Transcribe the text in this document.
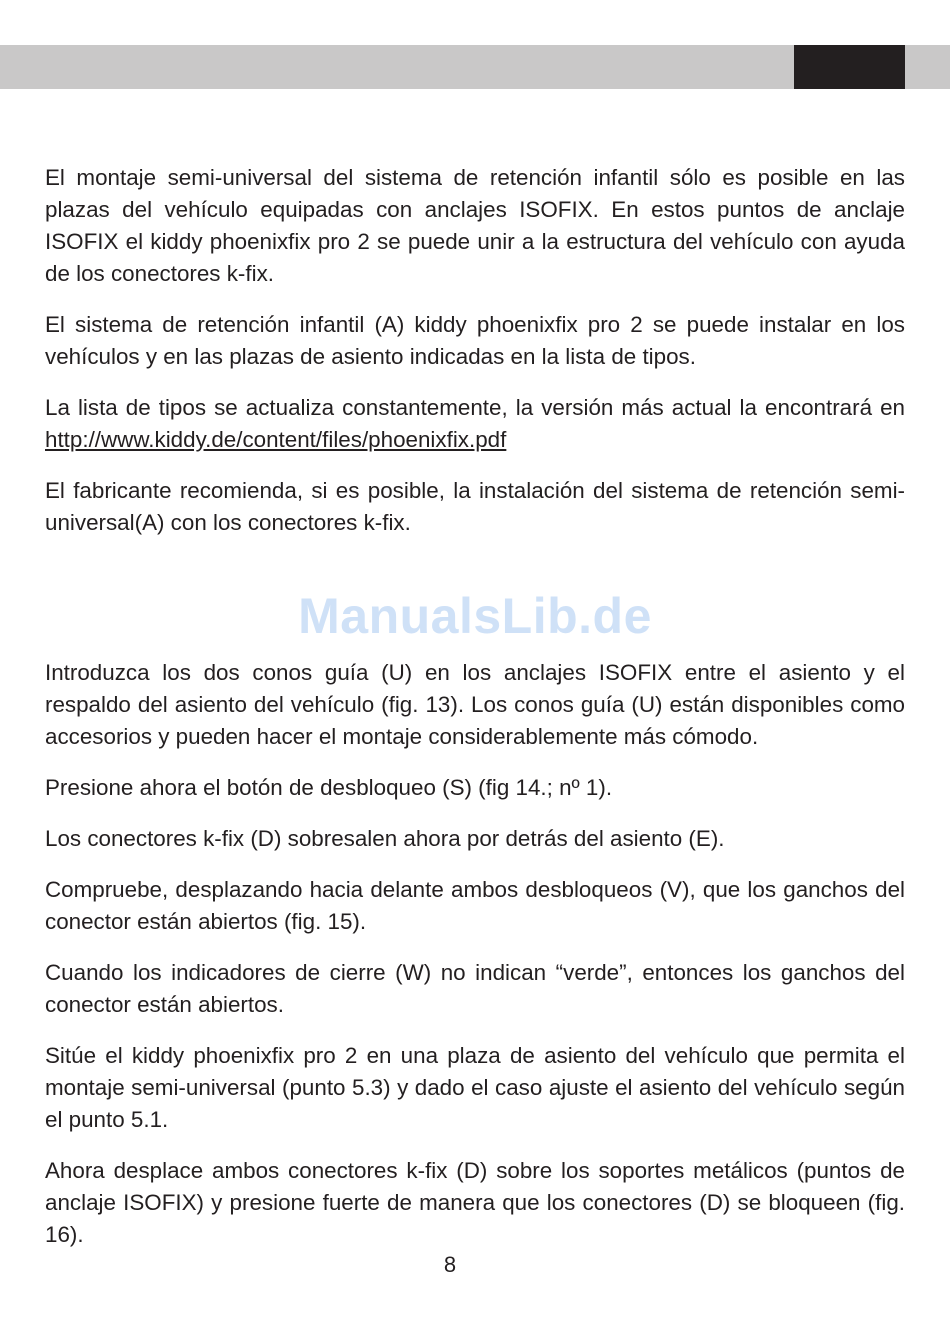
El montaje semi-universal del sistema de retención infantil sólo es posible en las plazas del vehículo equipadas con anclajes ISOFIX. En estos puntos de anclaje ISOFIX el kiddy phoenixfix pro 2 se puede unir a la estructura del vehículo con ayuda de los conectores k-fix.

El sistema de retención infantil (A) kiddy phoenixfix pro 2 se puede instalar en los vehículos y en las plazas de asiento indicadas en la lista de tipos.

La lista de tipos se actualiza constantemente, la versión más actual la encontrará en http://www.kiddy.de/content/files/phoenixfix.pdf

El fabricante recomienda, si es posible, la instalación del sistema de retención semi-universal(A) con los conectores k-fix.

ManualsLib.de

Introduzca los dos conos guía (U) en los anclajes ISOFIX entre el asiento y el respaldo del asiento del vehículo (fig. 13). Los conos guía (U) están disponibles como accesorios y pueden hacer el montaje considerablemente más cómodo.

Presione ahora el botón de desbloqueo (S) (fig 14.; nº 1).

Los conectores k-fix (D) sobresalen ahora por detrás del asiento (E).

Compruebe, desplazando hacia delante ambos desbloqueos (V), que los ganchos del conector están abiertos (fig. 15).

Cuando los indicadores de cierre (W) no indican “verde”, entonces los ganchos del conector están abiertos.

Sitúe el kiddy phoenixfix pro 2 en una plaza de asiento del vehículo que permita el montaje semi-universal (punto 5.3) y dado el caso ajuste el asiento del vehículo según el punto 5.1.

Ahora desplace ambos conectores k-fix (D) sobre los soportes metálicos (puntos de anclaje ISOFIX) y presione fuerte de manera que los conectores (D) se bloqueen (fig. 16).

8
